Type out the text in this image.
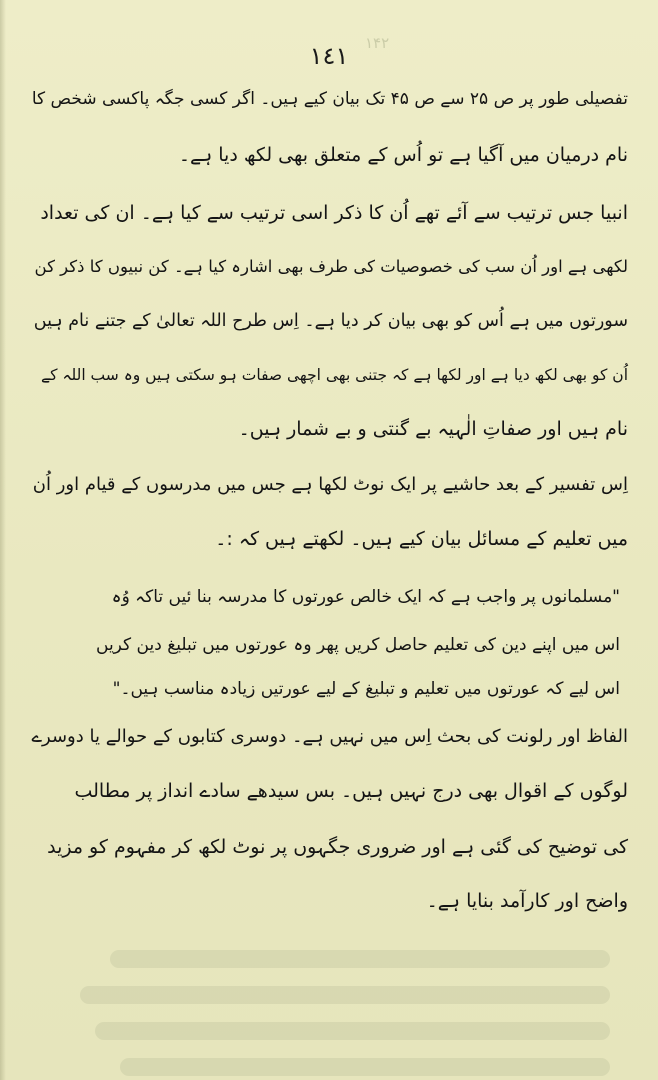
۱۴۲
١٤١
تفصیلی طور پر ص ۲۵ سے ص ۴۵ تک بیان کیے ہیں۔ اگر کسی جگہ پاکسی شخص کا
نام درمیان میں آگیا ہے تو اُس کے متعلق بھی لکھ دیا ہے۔
انبیا جس ترتیب سے آئے تھے اُن کا ذکر اسی ترتیب سے کیا ہے۔ ان کی تعداد
لکھی ہے اور اُن سب کی خصوصیات کی طرف بھی اشارہ کیا ہے۔ کن نبیوں کا ذکر کن
سورتوں میں ہے اُس کو بھی بیان کر دیا ہے۔ اِس طرح اللہ تعالیٰ کے جتنے نام ہیں
اُن کو بھی لکھ دیا ہے اور لکھا ہے کہ جتنی بھی اچھی صفات ہو سکتی ہیں وہ سب اللہ کے
نام ہیں اور صفاتِ الٰہیہ بے گنتی و بے شمار ہیں۔
اِس تفسیر کے بعد حاشیے پر ایک نوٹ لکھا ہے جس میں مدرسوں کے قیام اور اُن
میں تعلیم کے مسائل بیان کیے ہیں۔ لکھتے ہیں کہ :۔
"مسلمانوں پر واجب ہے کہ ایک خالص عورتوں کا مدرسہ بنا ئیں تاکہ وُہ
اس میں اپنے دین کی تعلیم حاصل کریں پھر وہ عورتوں میں تبلیغ دین کریں
اس لیے کہ عورتوں میں تعلیم و تبلیغ کے لیے عورتیں زیادہ مناسب ہیں۔"
الفاظ اور رلونت کی بحث اِس میں نہیں ہے۔ دوسری کتابوں کے حوالے یا دوسرے
لوگوں کے اقوال بھی درج نہیں ہیں۔ بس سیدھے سادے انداز پر مطالب
کی توضیح کی گئی ہے اور ضروری جگہوں پر نوٹ لکھ کر مفہوم کو مزید
واضح اور کارآمد بنایا ہے۔
